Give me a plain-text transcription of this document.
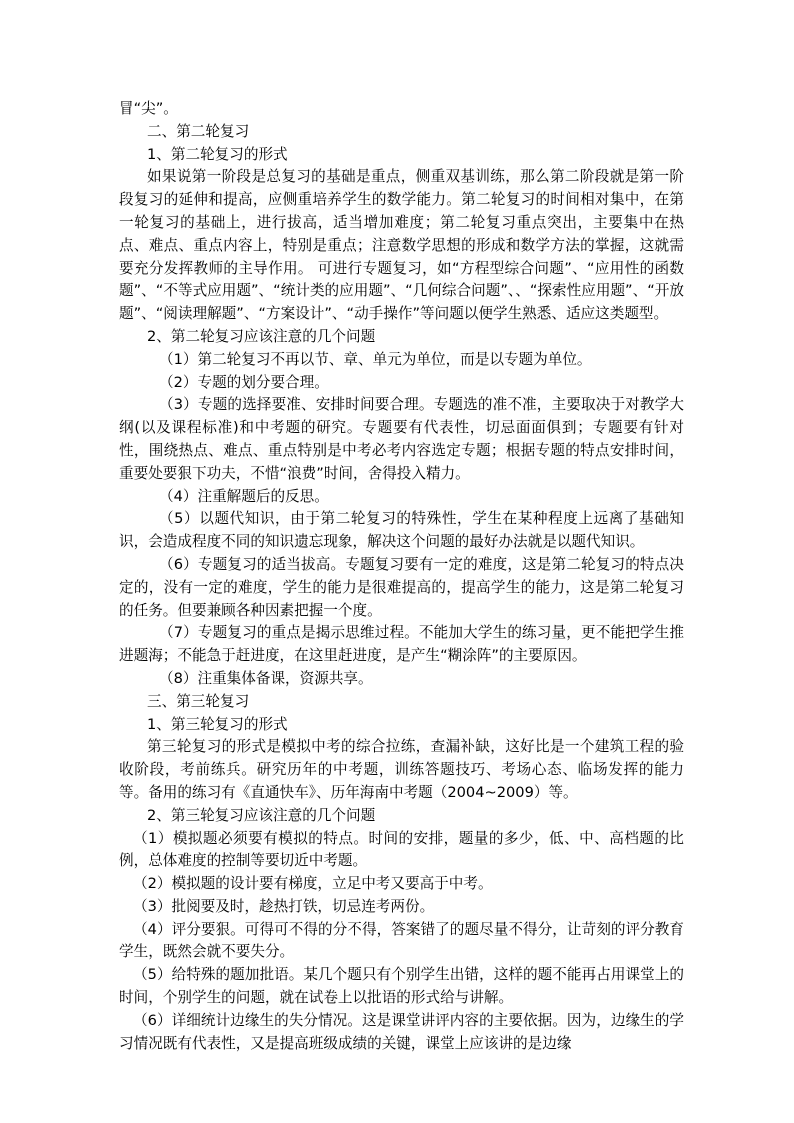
冒“尖”。

二、第二轮复习

1、第二轮复习的形式

如果说第一阶段是总复习的基础是重点，侧重双基训练，那么第二阶段就是第一阶段复习的延伸和提高，应侧重培养学生的数学能力。第二轮复习的时间相对集中，在第一轮复习的基础上，进行拔高，适当增加难度；第二轮复习重点突出，主要集中在热点、难点、重点内容上，特别是重点；注意数学思想的形成和数学方法的掌握，这就需要充分发挥教师的主导作用。 可进行专题复习，如“方程型综合问题”、“应用性的函数题”、“不等式应用题”、“统计类的应用题”、“几何综合问题”、、“探索性应用题”、“开放题”、“阅读理解题”、“方案设计”、“动手操作”等问题以便学生熟悉、适应这类题型。

2、第二轮复习应该注意的几个问题

（1）第二轮复习不再以节、章、单元为单位，而是以专题为单位。

（2）专题的划分要合理。

（3）专题的选择要准、安排时间要合理。专题选的准不准，主要取决于对教学大纲(以及课程标准)和中考题的研究。专题要有代表性，切忌面面俱到；专题要有针对性，围绕热点、难点、重点特别是中考必考内容选定专题；根据专题的特点安排时间，重要处要狠下功夫，不惜“浪费”时间，舍得投入精力。

（4）注重解题后的反思。

（5）以题代知识，由于第二轮复习的特殊性，学生在某种程度上远离了基础知识，会造成程度不同的知识遗忘现象，解决这个问题的最好办法就是以题代知识。

（6）专题复习的适当拔高。专题复习要有一定的难度，这是第二轮复习的特点决定的，没有一定的难度，学生的能力是很难提高的，提高学生的能力，这是第二轮复习的任务。但要兼顾各种因素把握一个度。

（7）专题复习的重点是揭示思维过程。不能加大学生的练习量，更不能把学生推进题海；不能急于赶进度，在这里赶进度，是产生“糊涂阵”的主要原因。

（8）注重集体备课，资源共享。

三、第三轮复习

1、第三轮复习的形式

第三轮复习的形式是模拟中考的综合拉练，查漏补缺，这好比是一个建筑工程的验收阶段，考前练兵。研究历年的中考题，训练答题技巧、考场心态、临场发挥的能力等。备用的练习有《直通快车》、历年海南中考题（2004~2009）等。

2、第三轮复习应该注意的几个问题

（1）模拟题必须要有模拟的特点。时间的安排，题量的多少，低、中、高档题的比例，总体难度的控制等要切近中考题。

（2）模拟题的设计要有梯度，立足中考又要高于中考。

（3）批阅要及时，趁热打铁，切忌连考两份。

（4）评分要狠。可得可不得的分不得，答案错了的题尽量不得分，让苛刻的评分教育学生，既然会就不要失分。

（5）给特殊的题加批语。某几个题只有个别学生出错，这样的题不能再占用课堂上的时间，个别学生的问题，就在试卷上以批语的形式给与讲解。

（6）详细统计边缘生的失分情况。这是课堂讲评内容的主要依据。因为，边缘生的学习情况既有代表性，又是提高班级成绩的关键，课堂上应该讲的是边缘
